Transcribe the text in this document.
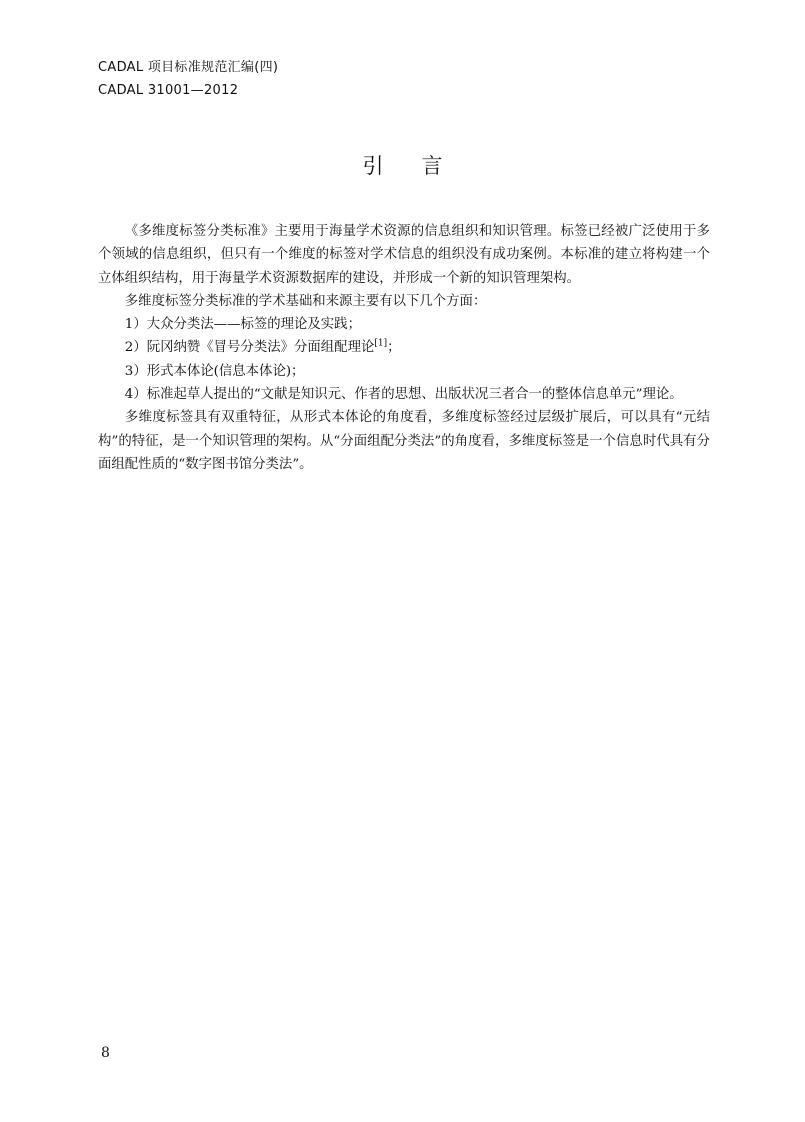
CADAL 项目标准规范汇编(四)
CADAL 31001—2012
引言

《多维度标签分类标准》主要用于海量学术资源的信息组织和知识管理。标签已经被广泛使用于多个领域的信息组织，但只有一个维度的标签对学术信息的组织没有成功案例。本标准的建立将构建一个立体组织结构，用于海量学术资源数据库的建设，并形成一个新的知识管理架构。

多维度标签分类标准的学术基础和来源主要有以下几个方面：

1）大众分类法——标签的理论及实践；

2）阮冈纳赞《冒号分类法》分面组配理论[1]；

3）形式本体论(信息本体论)；

4）标准起草人提出的“文献是知识元、作者的思想、出版状况三者合一的整体信息单元”理论。

多维度标签具有双重特征，从形式本体论的角度看，多维度标签经过层级扩展后，可以具有“元结构”的特征，是一个知识管理的架构。从“分面组配分类法”的角度看，多维度标签是一个信息时代具有分面组配性质的“数字图书馆分类法”。

8
